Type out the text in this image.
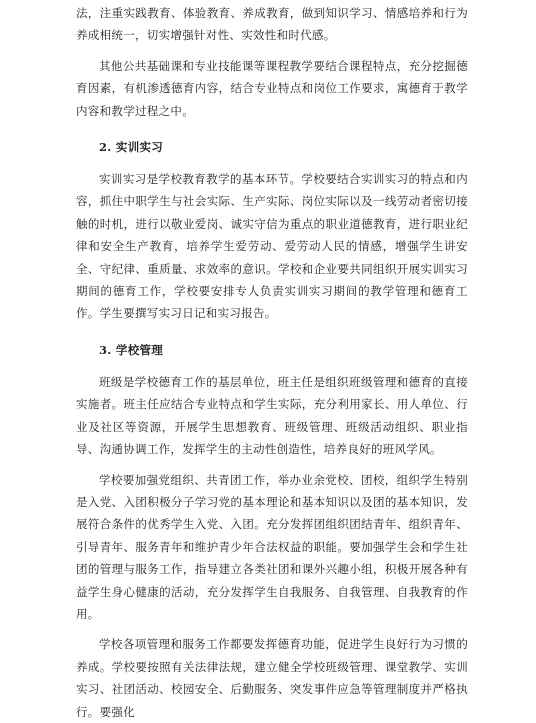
法，注重实践教育、体验教育、养成教育，做到知识学习、情感培养和行为养成相统一，切实增强针对性、实效性和时代感。

其他公共基础课和专业技能课等课程教学要结合课程特点，充分挖掘德育因素，有机渗透德育内容，结合专业特点和岗位工作要求，寓德育于教学内容和教学过程之中。

2. 实训实习

实训实习是学校教育教学的基本环节。学校要结合实训实习的特点和内容，抓住中职学生与社会实际、生产实际、岗位实际以及一线劳动者密切接触的时机，进行以敬业爱岗、诚实守信为重点的职业道德教育，进行职业纪律和安全生产教育，培养学生爱劳动、爱劳动人民的情感，增强学生讲安全、守纪律、重质量、求效率的意识。学校和企业要共同组织开展实训实习期间的德育工作，学校要安排专人负责实训实习期间的教学管理和德育工作。学生要撰写实习日记和实习报告。

3. 学校管理

班级是学校德育工作的基层单位，班主任是组织班级管理和德育的直接实施者。班主任应结合专业特点和学生实际，充分利用家长、用人单位、行业及社区等资源，开展学生思想教育、班级管理、班级活动组织、职业指导、沟通协调工作，发挥学生的主动性创造性，培养良好的班风学风。

学校要加强党组织、共青团工作，举办业余党校、团校，组织学生特别是入党、入团积极分子学习党的基本理论和基本知识以及团的基本知识，发展符合条件的优秀学生入党、入团。充分发挥团组织团结青年、组织青年、引导青年、服务青年和维护青少年合法权益的职能。要加强学生会和学生社团的管理与服务工作，指导建立各类社团和课外兴趣小组，积极开展各种有益学生身心健康的活动，充分发挥学生自我服务、自我管理、自我教育的作用。

学校各项管理和服务工作都要发挥德育功能，促进学生良好行为习惯的养成。学校要按照有关法律法规，建立健全学校班级管理、课堂教学、实训实习、社团活动、校园安全、后勤服务、突发事件应急等管理制度并严格执行。要强化
